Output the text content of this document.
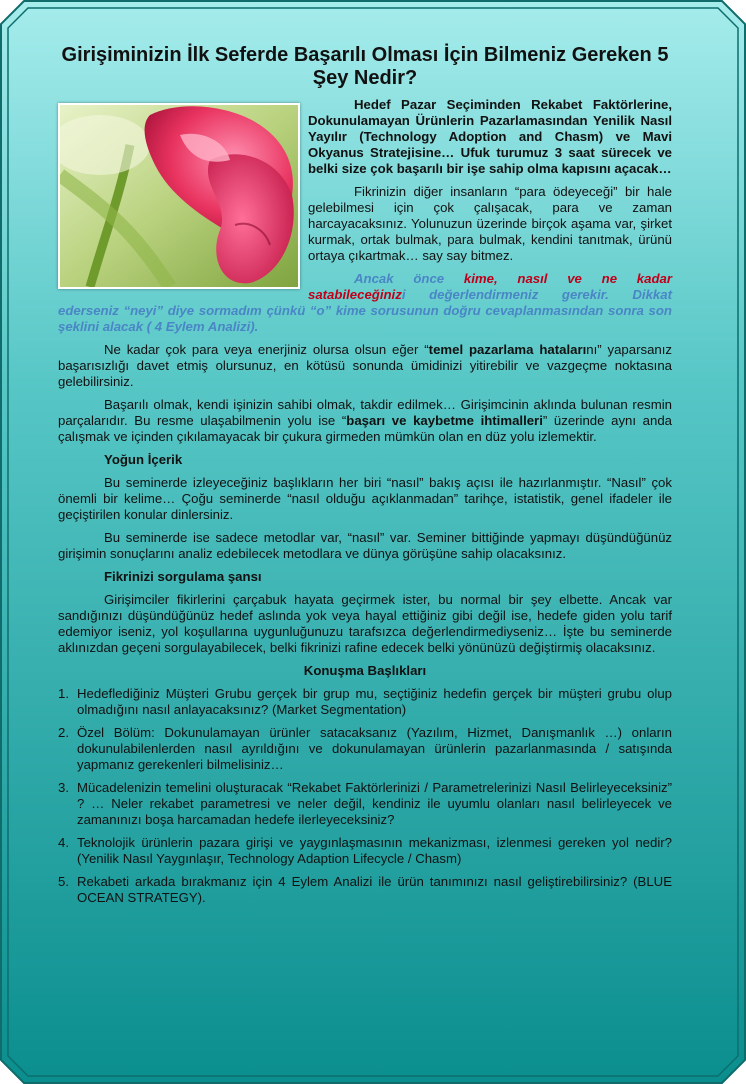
Girişiminizin İlk Seferde Başarılı Olması İçin Bilmeniz Gereken 5 Şey Nedir?

Hedef Pazar Seçiminden Rekabet Faktörlerine, Dokunulamayan Ürünlerin Pazarlamasından Yenilik Nasıl Yayılır (Technology Adoption and Chasm) ve Mavi Okyanus Stratejisine… Ufuk turumuz 3 saat sürecek ve belki size çok başarılı bir işe sahip olma kapısını açacak…

Fikrinizin diğer insanların “para ödeyeceği” bir hale gelebilmesi için çok çalışacak, para ve zaman harcayacaksınız. Yolunuzun üzerinde birçok aşama var, şirket kurmak, ortak bulmak, para bulmak, kendini tanıtmak, ürünü ortaya çıkartmak… say say bitmez.

Ancak önce kime, nasıl ve ne kadar satabileceğinizi değerlendirmeniz gerekir. Dikkat ederseniz “neyi” diye sormadım çünkü “o” kime sorusunun doğru cevaplanmasından sonra son şeklini alacak ( 4 Eylem Analizi).

Ne kadar çok para veya enerjiniz olursa olsun eğer “temel pazarlama hatalarını” yaparsanız başarısızlığı davet etmiş olursunuz, en kötüsü sonunda ümidinizi yitirebilir ve vazgeçme noktasına gelebilirsiniz.

Başarılı olmak, kendi işinizin sahibi olmak, takdir edilmek… Girişimcinin aklında bulunan resmin parçalarıdır. Bu resme ulaşabilmenin yolu ise “başarı ve kaybetme ihtimalleri” üzerinde aynı anda çalışmak ve içinden çıkılamayacak bir çukura girmeden mümkün olan en düz yolu izlemektir.

Yoğun İçerik

Bu seminerde izleyeceğiniz başlıkların her biri “nasıl” bakış açısı ile hazırlanmıştır. “Nasıl” çok önemli bir kelime… Çoğu seminerde “nasıl olduğu açıklanmadan” tarihçe, istatistik, genel ifadeler ile geçiştirilen konular dinlersiniz.

Bu seminerde ise sadece metodlar var, “nasıl” var. Seminer bittiğinde yapmayı düşündüğünüz girişimin sonuçlarını analiz edebilecek metodlara ve dünya görüşüne sahip olacaksınız.

Fikrinizi sorgulama şansı

Girişimciler fikirlerini çarçabuk hayata geçirmek ister, bu normal bir şey elbette. Ancak var sandığınızı düşündüğünüz hedef aslında yok veya hayal ettiğiniz gibi değil ise, hedefe giden yolu tarif edemiyor iseniz, yol koşullarına uygunluğunuzu tarafsızca değerlendirmediyseniz… İşte bu seminerde aklınızdan geçeni sorgulayabilecek, belki fikrinizi rafine edecek belki yönünüzü değiştirmiş olacaksınız.

Konuşma Başlıkları
1. Hedeflediğiniz Müşteri Grubu gerçek bir grup mu, seçtiğiniz hedefin gerçek bir müşteri grubu olup olmadığını nasıl anlayacaksınız? (Market Segmentation)
2. Özel Bölüm: Dokunulamayan ürünler satacaksanız (Yazılım, Hizmet, Danışmanlık …) onların dokunulabilenlerden nasıl ayrıldığını ve dokunulamayan ürünlerin pazarlanmasında / satışında yapmanız gerekenleri bilmelisiniz…
3. Mücadelenizin temelini oluşturacak “Rekabet Faktörlerinizi / Parametrelerinizi Nasıl Belirleyeceksiniz” ? … Neler rekabet parametresi ve neler değil, kendiniz ile uyumlu olanları nasıl belirleyecek ve zamanınızı boşa harcamadan hedefe ilerleyeceksiniz?
4. Teknolojik ürünlerin pazara girişi ve yaygınlaşmasının mekanizması, izlenmesi gereken yol nedir? (Yenilik Nasıl Yaygınlaşır, Technology Adaption Lifecycle / Chasm)
5. Rekabeti arkada bırakmanız için 4 Eylem Analizi ile ürün tanımınızı nasıl geliştirebilirsiniz? (BLUE OCEAN STRATEGY).
